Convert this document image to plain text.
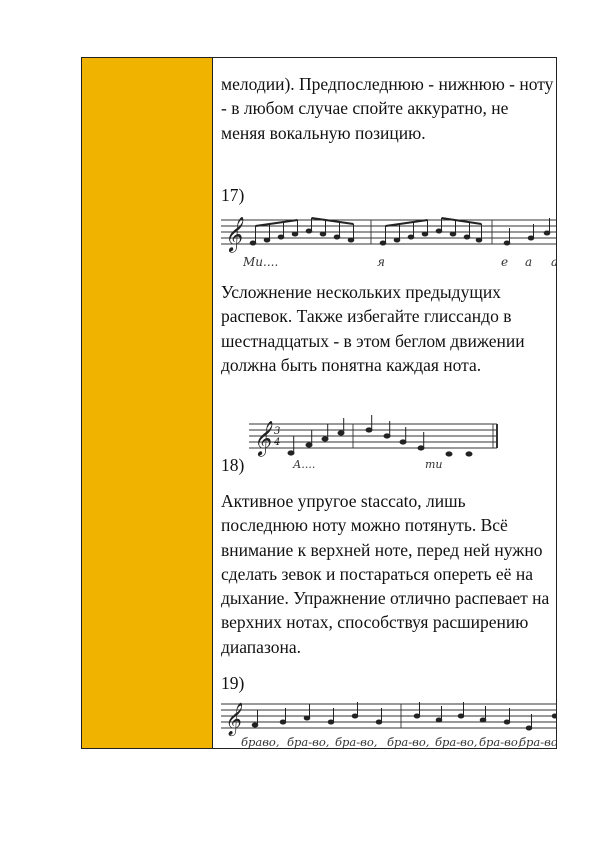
мелодии). Предпоследнюю - нижнюю - ноту - в любом случае спойте аккуратно, не меняя вокальную позицию.

17)

𝄞
Ми....	я	е а а

Усложнение нескольких предыдущих распевок. Также избегайте глиссандо в шестнадцатых - в этом беглом движении должна быть понятна каждая нота.

𝄞 3
4
А....	ти

18)

Активное упругое staccato, лишь последнюю ноту можно потянуть. Всё внимание к верхней ноте, перед ней нужно сделать зевок и постараться опереть её на дыхание. Упражнение отлично распевает на верхних нотах, способствуя расширению диапазона.

19)

𝄞
браво, бра-во, бра-во, бра-во, бра-во, бра-во,
бра-во!
